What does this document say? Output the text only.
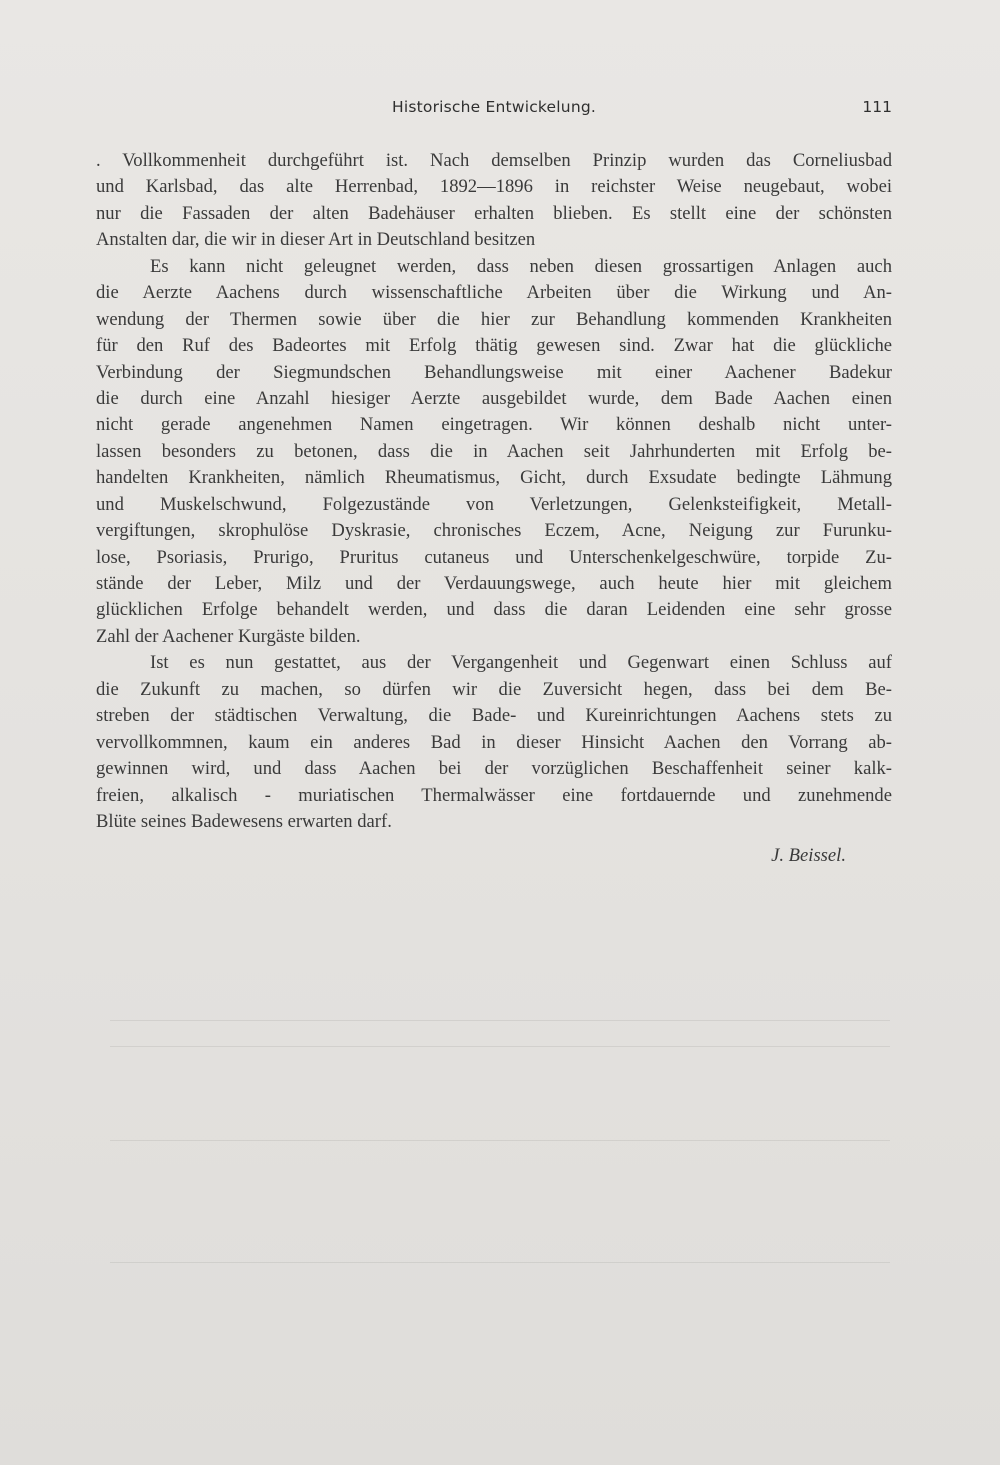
Historische Entwickelung.	111
. Vollkommenheit durchgeführt ist. Nach demselben Prinzip wurden das Corneliusbad
und Karlsbad, das alte Herrenbad, 1892—1896 in reichster Weise neugebaut, wobei
nur die Fassaden der alten Badehäuser erhalten blieben. Es stellt eine der schönsten
Anstalten dar, die wir in dieser Art in Deutschland besitzen
Es kann nicht geleugnet werden, dass neben diesen grossartigen Anlagen auch
die Aerzte Aachens durch wissenschaftliche Arbeiten über die Wirkung und An-
wendung der Thermen sowie über die hier zur Behandlung kommenden Krankheiten
für den Ruf des Badeortes mit Erfolg thätig gewesen sind. Zwar hat die glückliche
Verbindung der Siegmundschen Behandlungsweise mit einer Aachener Badekur
die durch eine Anzahl hiesiger Aerzte ausgebildet wurde, dem Bade Aachen einen
nicht gerade angenehmen Namen eingetragen. Wir können deshalb nicht unter-
lassen besonders zu betonen, dass die in Aachen seit Jahrhunderten mit Erfolg be-
handelten Krankheiten, nämlich Rheumatismus, Gicht, durch Exsudate bedingte Lähmung
und Muskelschwund, Folgezustände von Verletzungen, Gelenksteifigkeit, Metall-
vergiftungen, skrophulöse Dyskrasie, chronisches Eczem, Acne, Neigung zur Furunku-
lose, Psoriasis, Prurigo, Pruritus cutaneus und Unterschenkelgeschwüre, torpide Zu-
stände der Leber, Milz und der Verdauungswege, auch heute hier mit gleichem
glücklichen Erfolge behandelt werden, und dass die daran Leidenden eine sehr grosse
Zahl der Aachener Kurgäste bilden.
Ist es nun gestattet, aus der Vergangenheit und Gegenwart einen Schluss auf
die Zukunft zu machen, so dürfen wir die Zuversicht hegen, dass bei dem Be-
streben der städtischen Verwaltung, die Bade- und Kureinrichtungen Aachens stets zu
vervollkommnen, kaum ein anderes Bad in dieser Hinsicht Aachen den Vorrang ab-
gewinnen wird, und dass Aachen bei der vorzüglichen Beschaffenheit seiner kalk-
freien, alkalisch - muriatischen Thermalwässer eine fortdauernde und zunehmende
Blüte seines Badewesens erwarten darf.
J. Beissel.
